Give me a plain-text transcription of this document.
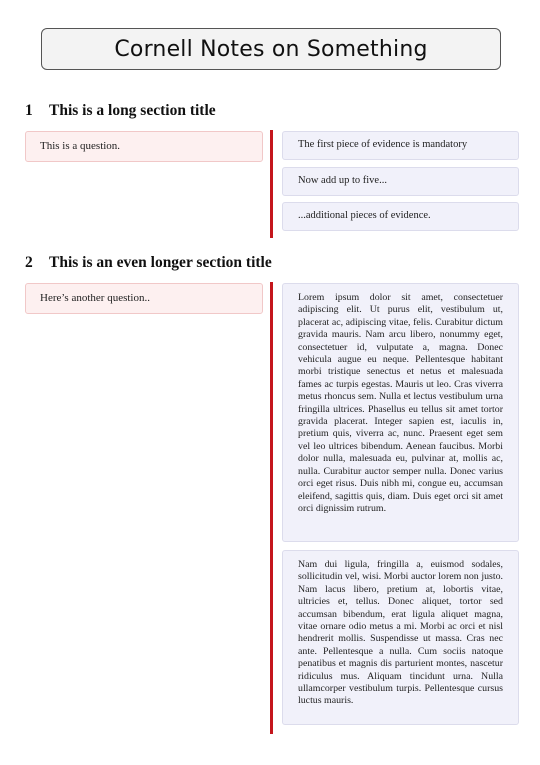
Cornell Notes on Something
1 This is a long section title
This is a question.	The first piece of evidence is mandatory
Now add up to five...
...additional pieces of evidence.
2 This is an even longer section title
Here’s another question..	Lorem ipsum dolor sit amet, consectetuer adipiscing elit. Ut purus elit, vestibulum ut, placerat ac, adipiscing vitae, felis. Curabitur dictum gravida mauris. Nam arcu libero, nonummy eget, consectetuer id, vulputate a, magna. Donec vehicula augue eu neque. Pellentesque habitant morbi tristique senectus et netus et malesuada fames ac turpis egestas. Mauris ut leo. Cras viverra metus rhoncus sem. Nulla et lectus vestibulum urna fringilla ultrices. Phasellus eu tellus sit amet tortor gravida placerat. Integer sapien est, iaculis in, pretium quis, viverra ac, nunc. Praesent eget sem vel leo ultrices bibendum. Aenean faucibus. Morbi dolor nulla, malesuada eu, pulvinar at, mollis ac, nulla. Curabitur auctor semper nulla. Donec varius orci eget risus. Duis nibh mi, congue eu, accumsan eleifend, sagittis quis, diam. Duis eget orci sit amet orci dignissim rutrum.
Nam dui ligula, fringilla a, euismod sodales, sollicitudin vel, wisi. Morbi auctor lorem non justo. Nam lacus libero, pretium at, lobortis vitae, ultricies et, tellus. Donec aliquet, tortor sed accumsan bibendum, erat ligula aliquet magna, vitae ornare odio metus a mi. Morbi ac orci et nisl hendrerit mollis. Suspendisse ut massa. Cras nec ante. Pellentesque a nulla. Cum sociis natoque penatibus et magnis dis parturient montes, nascetur ridiculus mus. Aliquam tincidunt urna. Nulla ullamcorper vestibulum turpis. Pellentesque cursus luctus mauris.
